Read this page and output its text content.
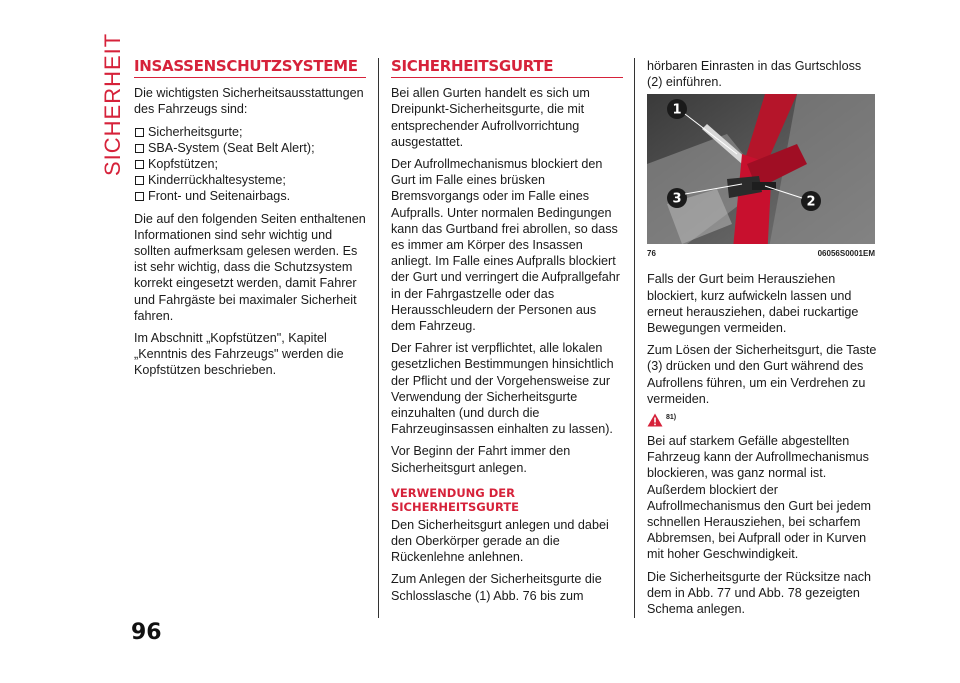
SICHERHEIT INSASSENSCHUTZSYSTEME

Die wichtigsten Sicherheitsausstattungen des Fahrzeugs sind:

Sicherheitsgurte;
SBA-System (Seat Belt Alert);
Kopfstützen;
Kinderrückhaltesysteme;
Front- und Seitenairbags.

Die auf den folgenden Seiten enthaltenen Informationen sind sehr wichtig und sollten aufmerksam gelesen werden. Es ist sehr wichtig, dass die Schutzsystem korrekt eingesetzt werden, damit Fahrer und Fahrgäste bei maximaler Sicherheit fahren.

Im Abschnitt „Kopfstützen", Kapitel „Kenntnis des Fahrzeugs" werden die Kopfstützen beschrieben.

SICHERHEITSGURTE

Bei allen Gurten handelt es sich um Dreipunkt-Sicherheitsgurte, die mit entsprechender Aufrollvorrichtung ausgestattet.

Der Aufrollmechanismus blockiert den Gurt im Falle eines brüsken Bremsvorgangs oder im Falle eines Aufpralls. Unter normalen Bedingungen kann das Gurtband frei abrollen, so dass es immer am Körper des Insassen anliegt. Im Falle eines Aufpralls blockiert der Gurt und verringert die Aufprallgefahr in der Fahrgastzelle oder das Herausschleudern der Personen aus dem Fahrzeug.

Der Fahrer ist verpflichtet, alle lokalen gesetzlichen Bestimmungen hinsichtlich der Pflicht und der Vorgehensweise zur Verwendung der Sicherheitsgurte einzuhalten (und durch die Fahrzeuginsassen einhalten zu lassen).

Vor Beginn der Fahrt immer den Sicherheitsgurt anlegen.

VERWENDUNG DER SICHERHEITSGURTE

Den Sicherheitsgurt anlegen und dabei den Oberkörper gerade an die Rückenlehne anlehnen.

Zum Anlegen der Sicherheitsgurte die Schlosslasche (1) Abb. 76 bis zum

hörbaren Einrasten in das Gurtschloss (2) einführen.

Falls der Gurt beim Herausziehen blockiert, kurz aufwickeln lassen und erneut herausziehen, dabei ruckartige Bewegungen vermeiden.

Zum Lösen der Sicherheitsgurt, die Taste (3) drücken und den Gurt während des Aufrollens führen, um ein Verdrehen zu vermeiden.

81)

Bei auf starkem Gefälle abgestellten Fahrzeug kann der Aufrollmechanismus blockieren, was ganz normal ist. Außerdem blockiert der Aufrollmechanismus den Gurt bei jedem schnellen Herausziehen, bei scharfem Abbremsen, bei Aufprall oder in Kurven mit hoher Geschwindigkeit.

Die Sicherheitsgurte der Rücksitze nach dem in Abb. 77 und Abb. 78 gezeigten Schema anlegen.

1
3	2
76	06056S0001EM
96
